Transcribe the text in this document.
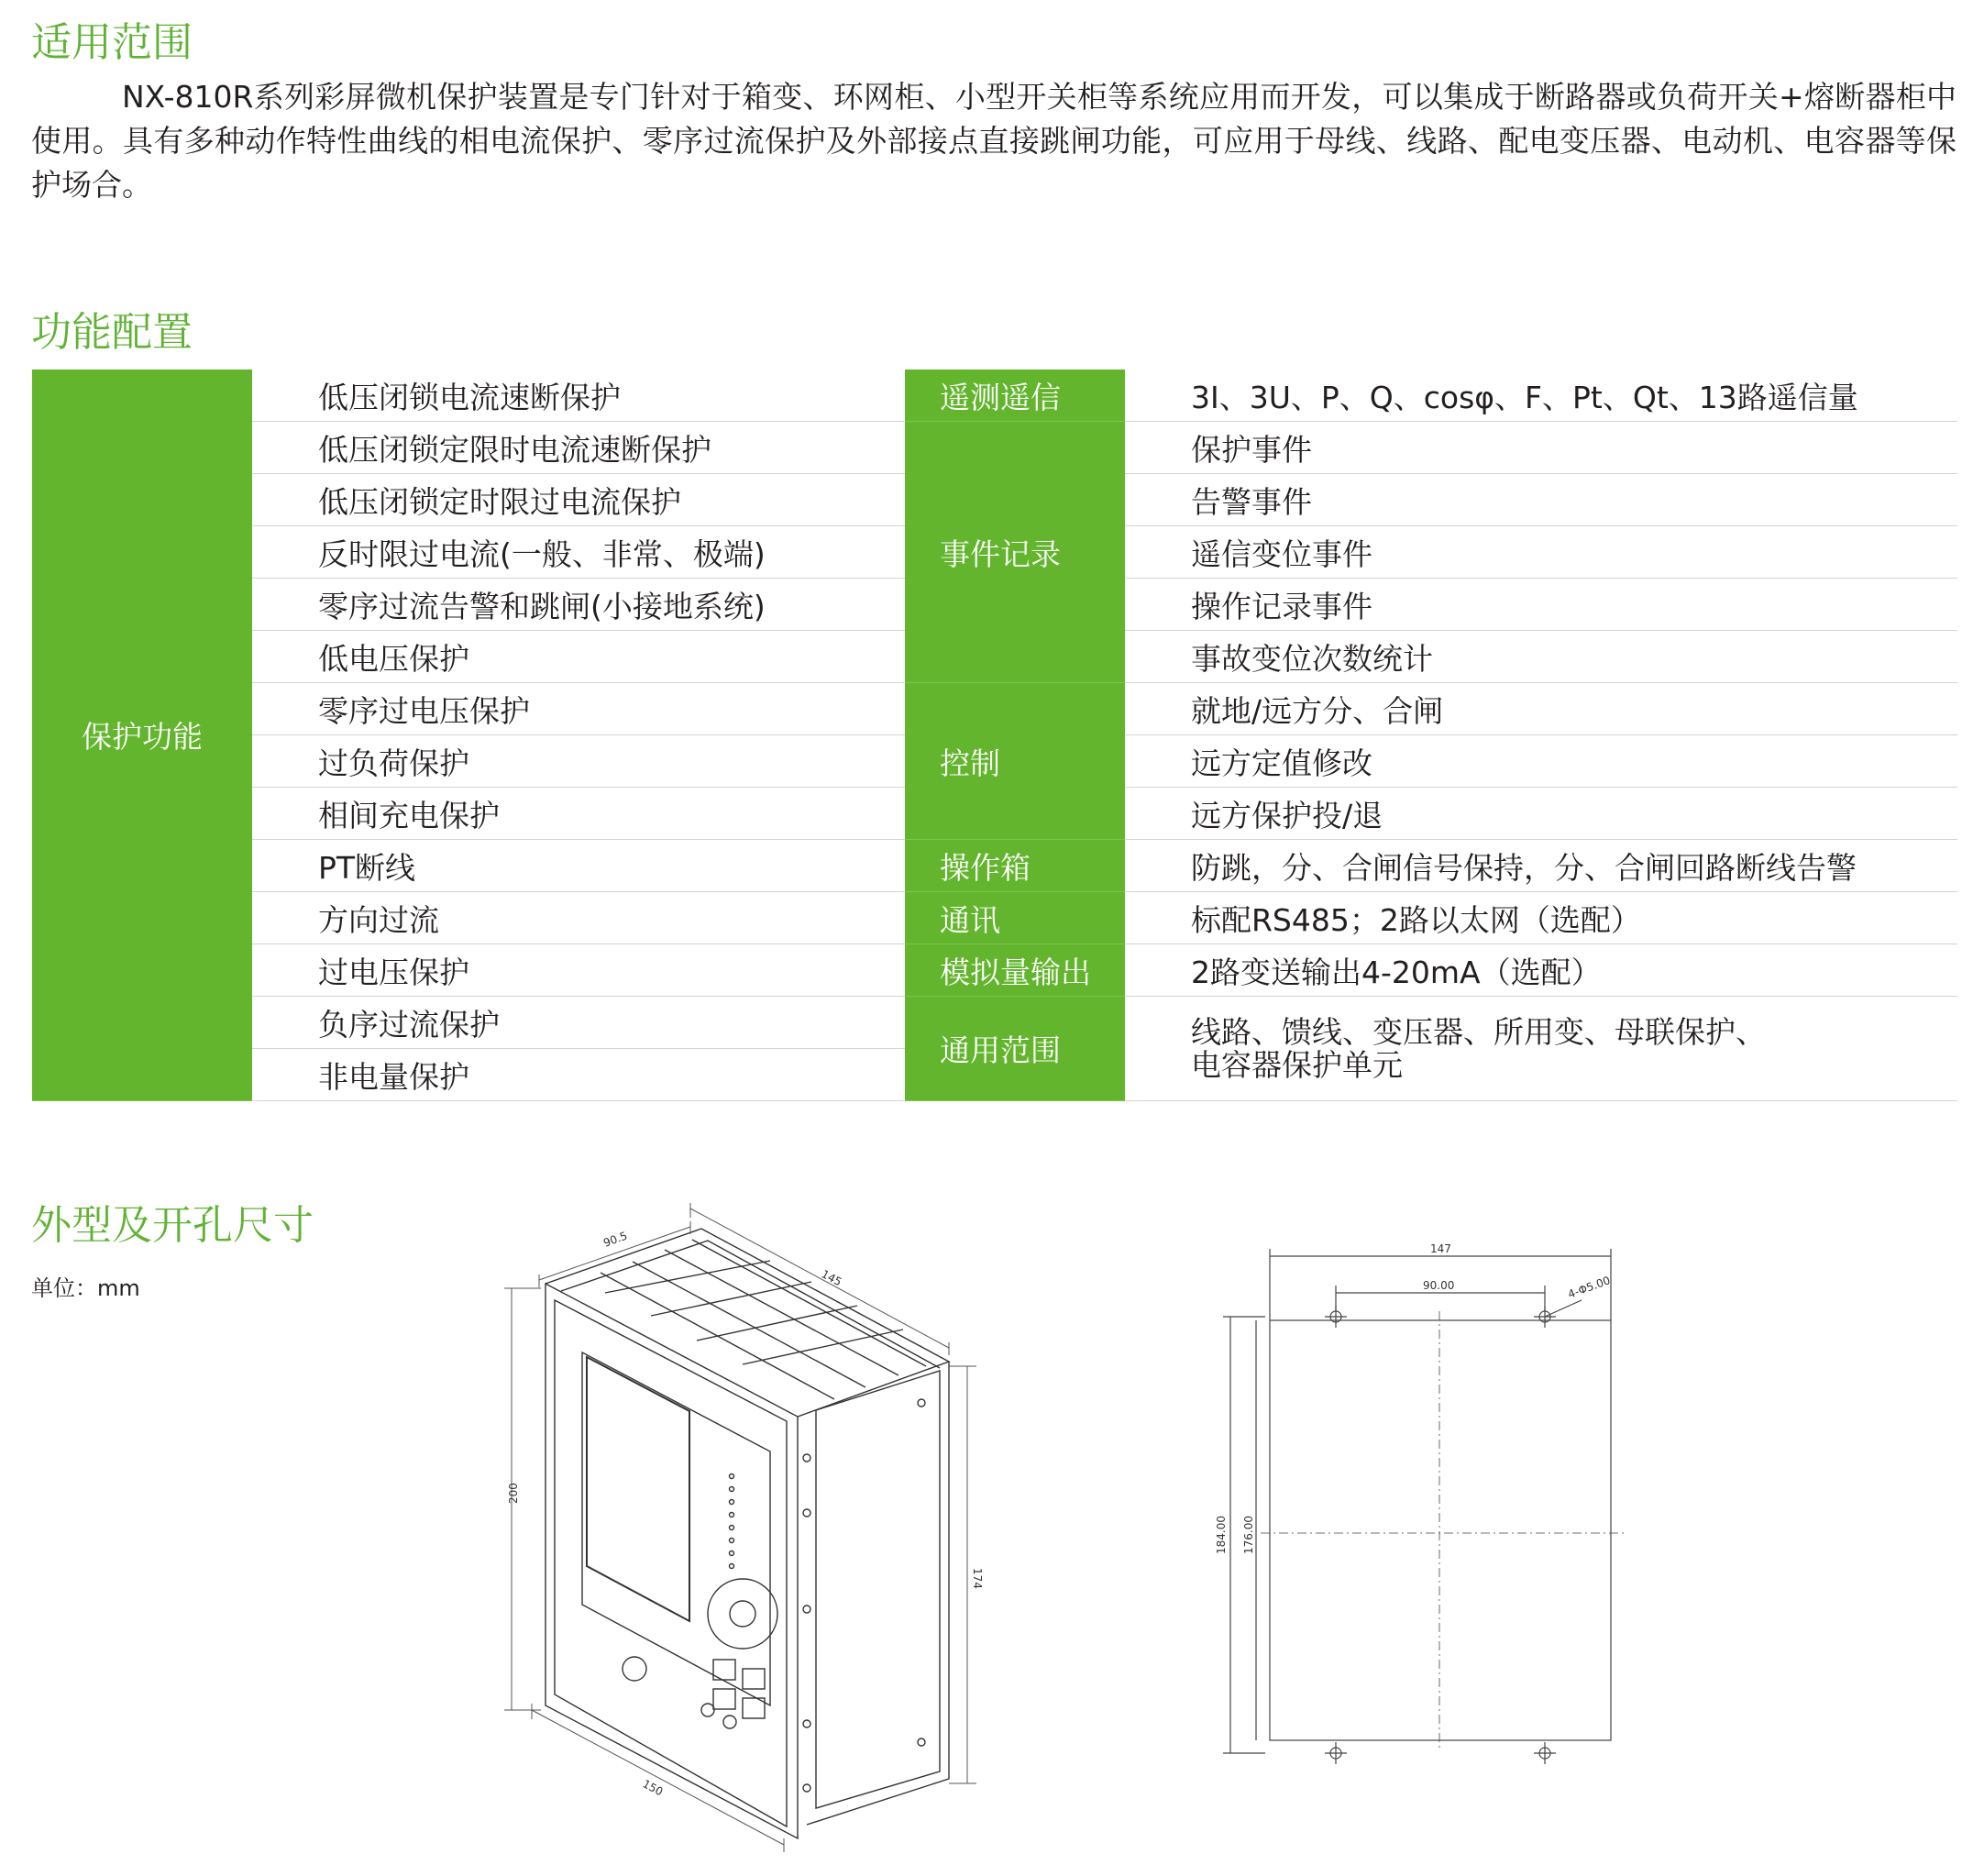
适用范围

NX-810R系列彩屏微机保护装置是专门针对于箱变、环网柜、小型开关柜等系统应用而开发，可以集成于断路器或负荷开关+熔断器柜中使用。具有多种动作特性曲线的相电流保护、零序过流保护及外部接点直接跳闸功能，可应用于母线、线路、配电变压器、电动机、电容器等保护场合。

功能配置
保护功能	低压闭锁电流速断保护	遥测遥信	3I、3U、P、Q、cosφ、F、Pt、Qt、13路遥信量
	低压闭锁定限时电流速断保护	事件记录	保护事件
	低压闭锁定时限过电流保护		告警事件
	反时限过电流(一般、非常、极端)		遥信变位事件
	零序过流告警和跳闸(小接地系统)		操作记录事件
	低电压保护		事故变位次数统计
	零序过电压保护	控制	就地/远方分、合闸
	过负荷保护		远方定值修改
	相间充电保护		远方保护投/退
	PT断线	操作箱	防跳，分、合闸信号保持，分、合闸回路断线告警
	方向过流	通讯	标配RS485；2路以太网（选配）
	过电压保护	模拟量输出	2路变送输出4-20mA（选配）
	负序过流保护	通用范围	线路、馈线、变压器、所用变、母联保护、
电容器保护单元

	非电量保护		
外型及开孔尺寸

单位：mm

200
174
150
90.5
145
147
90.00	4-Φ5.00
184.00 176.00
